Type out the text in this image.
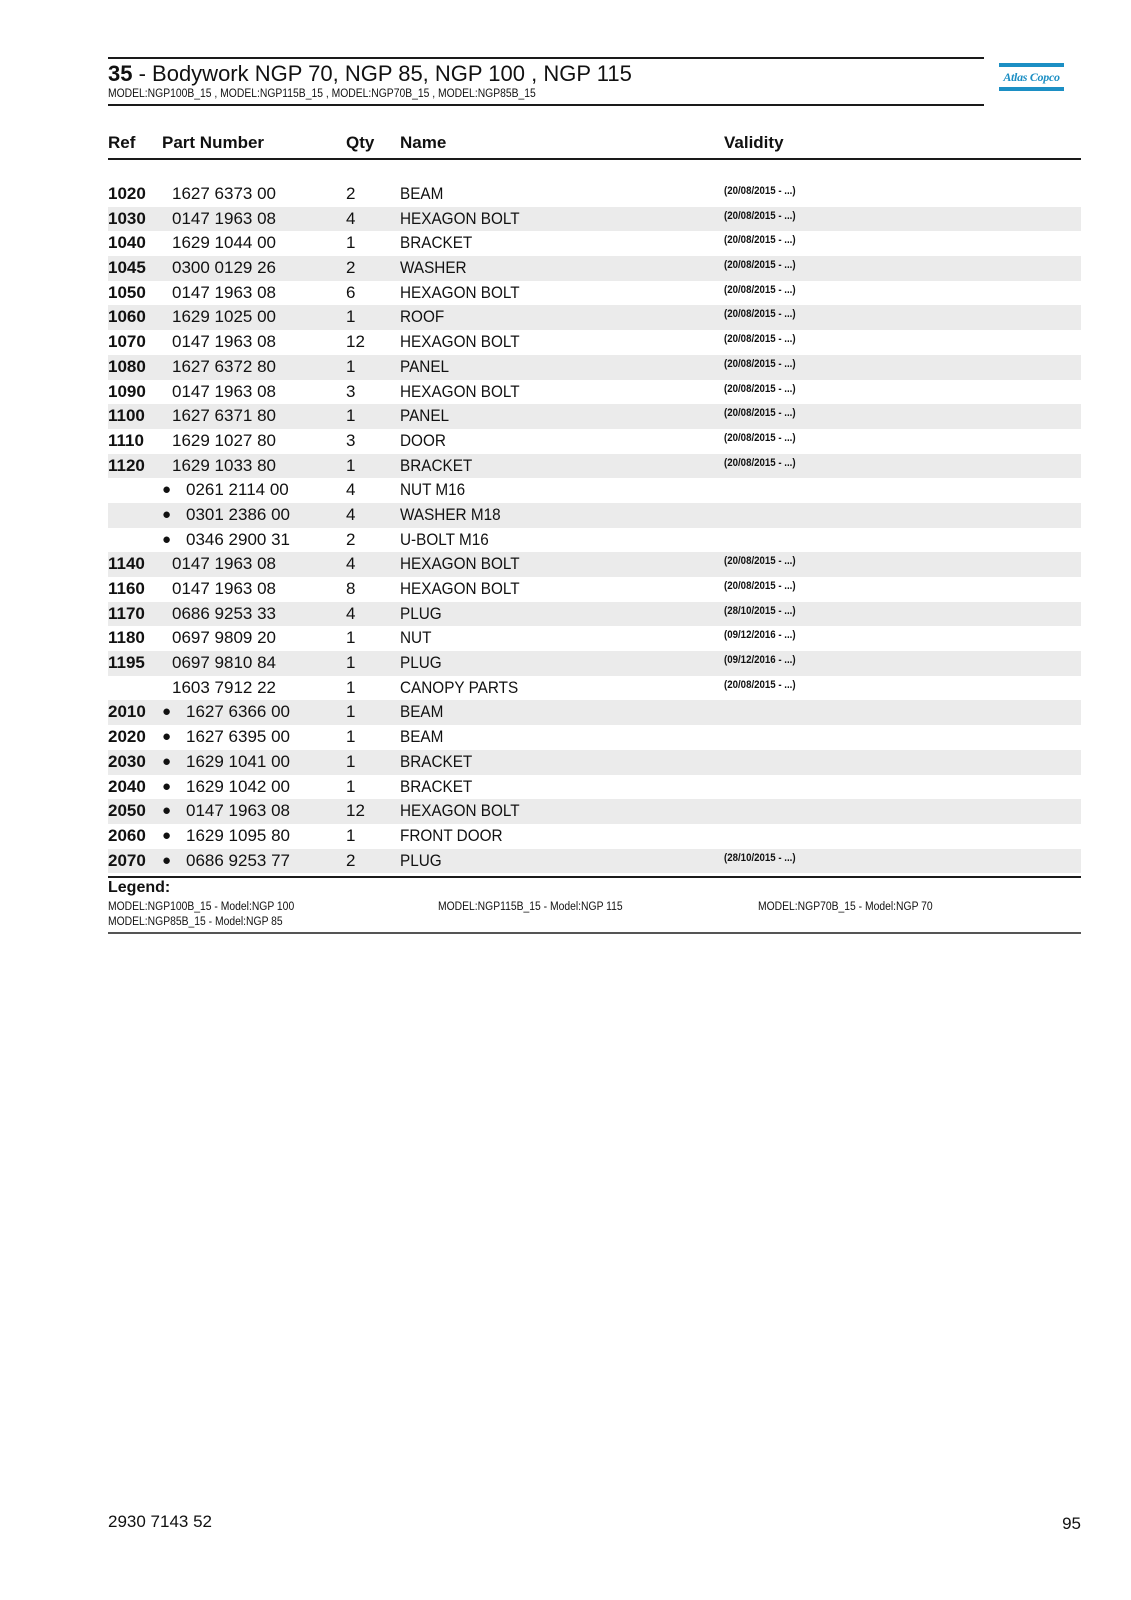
35 - Bodywork NGP 70, NGP 85, NGP 100 , NGP 115
MODEL:NGP100B_15 , MODEL:NGP115B_15 , MODEL:NGP70B_15 , MODEL:NGP85B_15
Atlas Copco
Ref Part Number	Qty Name	Validity
1020 1627 6373 00	2	BEAM	(20/08/2015 - ...)
1030 0147 1963 08	4	HEXAGON BOLT	(20/08/2015 - ...)
1040 1629 1044 00	1	BRACKET	(20/08/2015 - ...)
1045 0300 0129 26	2	WASHER	(20/08/2015 - ...)
1050 0147 1963 08	6	HEXAGON BOLT	(20/08/2015 - ...)
1060 1629 1025 00	1	ROOF	(20/08/2015 - ...)
1070 0147 1963 08	12 HEXAGON BOLT	(20/08/2015 - ...)
1080 1627 6372 80	1	PANEL	(20/08/2015 - ...)
1090 0147 1963 08	3	HEXAGON BOLT	(20/08/2015 - ...)
1100 1627 6371 80	1	PANEL	(20/08/2015 - ...)
1110 1629 1027 80	3	DOOR	(20/08/2015 - ...)
1120 1629 1033 80	1	BRACKET	(20/08/2015 - ...)
● 0261 2114 00	4	NUT M16
● 0301 2386 00	4	WASHER M18
● 0346 2900 31	2	U-BOLT M16
1140 0147 1963 08	4	HEXAGON BOLT	(20/08/2015 - ...)
1160 0147 1963 08	8	HEXAGON BOLT	(20/08/2015 - ...)
1170 0686 9253 33	4	PLUG	(28/10/2015 - ...)
1180 0697 9809 20	1	NUT	(09/12/2016 - ...)
1195 0697 9810 84	1	PLUG	(09/12/2016 - ...)
1603 7912 22	1	CANOPY PARTS	(20/08/2015 - ...)
2010 ● 1627 6366 00	1	BEAM
2020 ● 1627 6395 00	1	BEAM
2030 ● 1629 1041 00	1	BRACKET
2040 ● 1629 1042 00	1	BRACKET
2050 ● 0147 1963 08	12 HEXAGON BOLT
2060 ● 1629 1095 80	1	FRONT DOOR
2070 ● 0686 9253 77	2	PLUG	(28/10/2015 - ...)
Legend:
MODEL:NGP100B_15 - Model:NGP 100	MODEL:NGP115B_15 - Model:NGP 115	MODEL:NGP70B_15 - Model:NGP 70
MODEL:NGP85B_15 - Model:NGP 85
2930 7143 52	95
